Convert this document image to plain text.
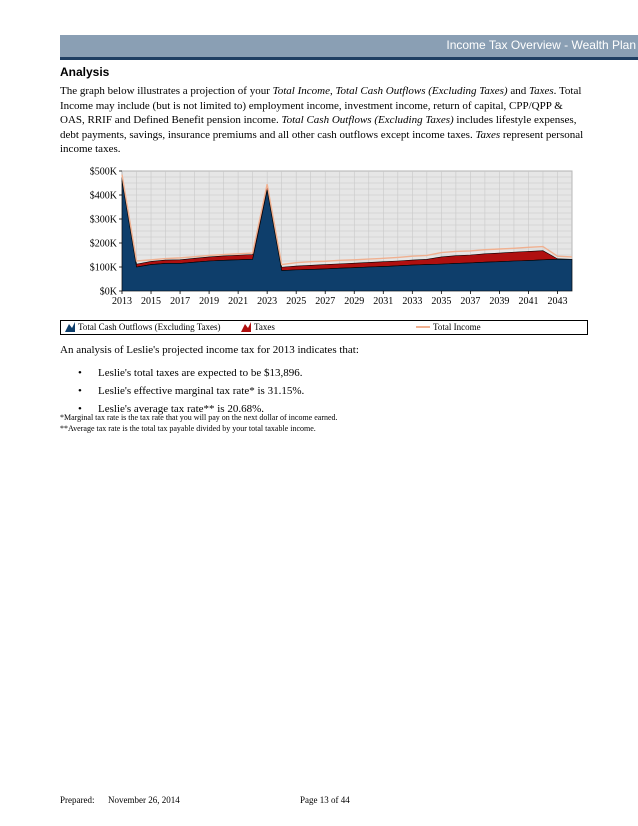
Income Tax Overview - Wealth Plan
Analysis
The graph below illustrates a projection of your Total Income, Total Cash Outflows (Excluding Taxes) and Taxes. Total Income may include (but is not limited to) employment income, investment income, return of capital, CPP/QPP & OAS, RRIF and Defined Benefit pension income. Total Cash Outflows (Excluding Taxes) includes lifestyle expenses, debt payments, savings, insurance premiums and all other cash outflows except income taxes. Taxes represent personal income taxes.
$0K
$100K
$200K
$300K
$400K
$500K
2013 2015 2017 2019 2021 2023 2025 2027 2029 2031 2033 2035 2037 2039 2041 2043
Total Cash Outflows (Excluding Taxes)	Taxes	Total Income
An analysis of Leslie's projected income tax for 2013 indicates that:
• Leslie's total taxes are expected to be $13,896.
• Leslie's effective marginal tax rate* is 31.15%.
• Leslie's average tax rate** is 20.68%.
*Marginal tax rate is the tax rate that you will pay on the next dollar of income earned.
**Average tax rate is the total tax payable divided by your total taxable income.
Prepared: November 26, 2014	Page 13 of 44
